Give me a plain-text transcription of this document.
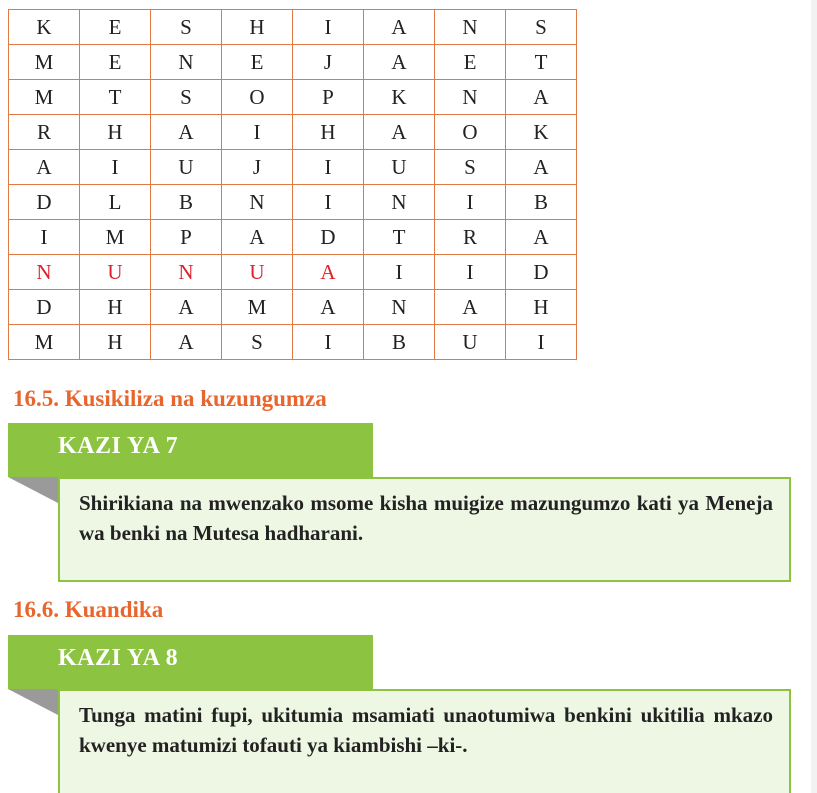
K	E	S	H	I	A	N	S
M	E	N	E	J	A	E	T
M	T	S	O	P	K	N	A
R	H	A	I	H	A	O	K
A	I	U	J	I	U	S	A
D	L	B	N	I	N	I	B
I	M	P	A	D	T	R	A
N	U	N	U	A	I	I	D
D	H	A	M	A	N	A	H
M	H	A	S	I	B	U	I
16.5. Kusikiliza na kuzungumza
KAZI YA 7

Shirikiana na mwenzako msome kisha muigize mazungumzo kati ya Meneja wa benki na Mutesa hadharani.

16.6. Kuandika
KAZI YA 8

Tunga matini fupi, ukitumia msamiati unaotumiwa benkini ukitilia mkazo kwenye matumizi tofauti ya kiambishi –ki-.
